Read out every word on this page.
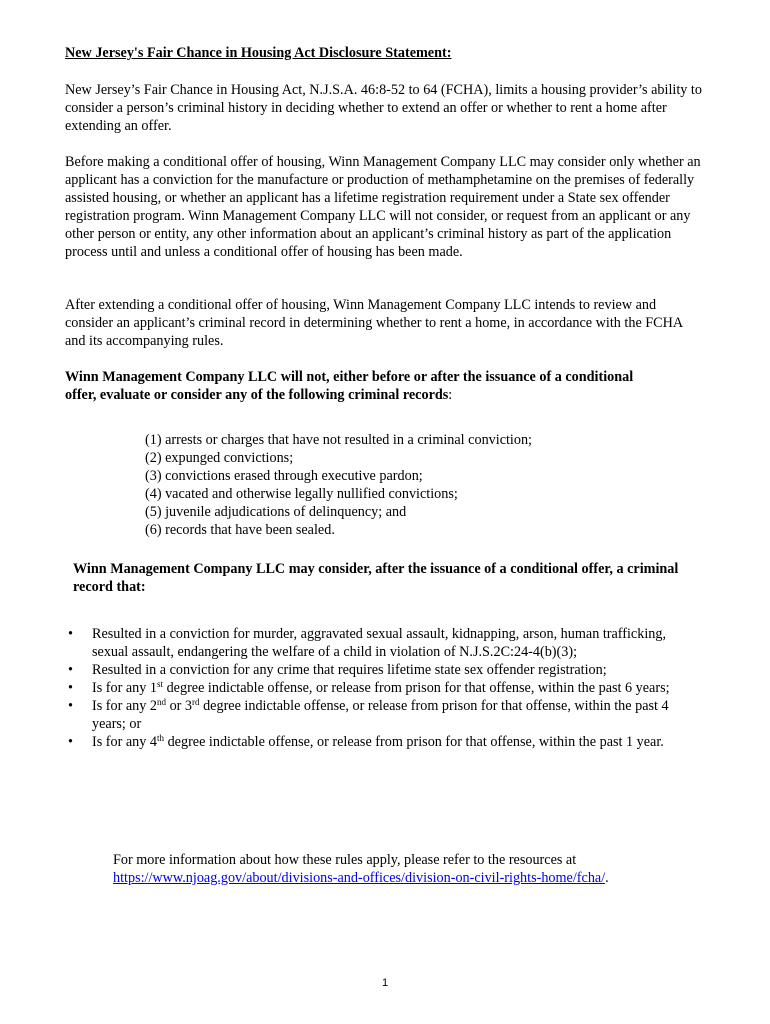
New Jersey's Fair Chance in Housing Act Disclosure Statement:

New Jersey’s Fair Chance in Housing Act, N.J.S.A. 46:8-52 to 64 (FCHA), limits a housing provider’s ability to consider a person’s criminal history in deciding whether to extend an offer or whether to rent a home after extending an offer.

Before making a conditional offer of housing, Winn Management Company LLC may consider only whether an applicant has a conviction for the manufacture or production of methamphetamine on the premises of federally assisted housing, or whether an applicant has a lifetime registration requirement under a State sex offender registration program. Winn Management Company LLC will not consider, or request from an applicant or any other person or entity, any other information about an applicant’s criminal history as part of the application process until and unless a conditional offer of housing has been made.

After extending a conditional offer of housing, Winn Management Company LLC intends to review and consider an applicant’s criminal record in determining whether to rent a home, in accordance with the FCHA and its accompanying rules.

Winn Management Company LLC will not, either before or after the issuance of a conditional offer, evaluate or consider any of the following criminal records:

(1) arrests or charges that have not resulted in a criminal conviction;
(2) expunged convictions;
(3) convictions erased through executive pardon;
(4) vacated and otherwise legally nullified convictions;
(5) juvenile adjudications of delinquency; and
(6) records that have been sealed.

Winn Management Company LLC may consider, after the issuance of a conditional offer, a criminal record that:

• Resulted in a conviction for murder, aggravated sexual assault, kidnapping, arson, human trafficking, sexual assault, endangering the welfare of a child in violation of N.J.S.2C:24-4(b)(3);
• Resulted in a conviction for any crime that requires lifetime state sex offender registration;
• Is for any 1st degree indictable offense, or release from prison for that offense, within the past 6 years;
• Is for any 2nd or 3rd degree indictable offense, or release from prison for that offense, within the past 4 years; or
• Is for any 4th degree indictable offense, or release from prison for that offense, within the past 1 year.

For more information about how these rules apply, please refer to the resources at https://www.njoag.gov/about/divisions-and-offices/division-on-civil-rights-home/fcha/.

1
